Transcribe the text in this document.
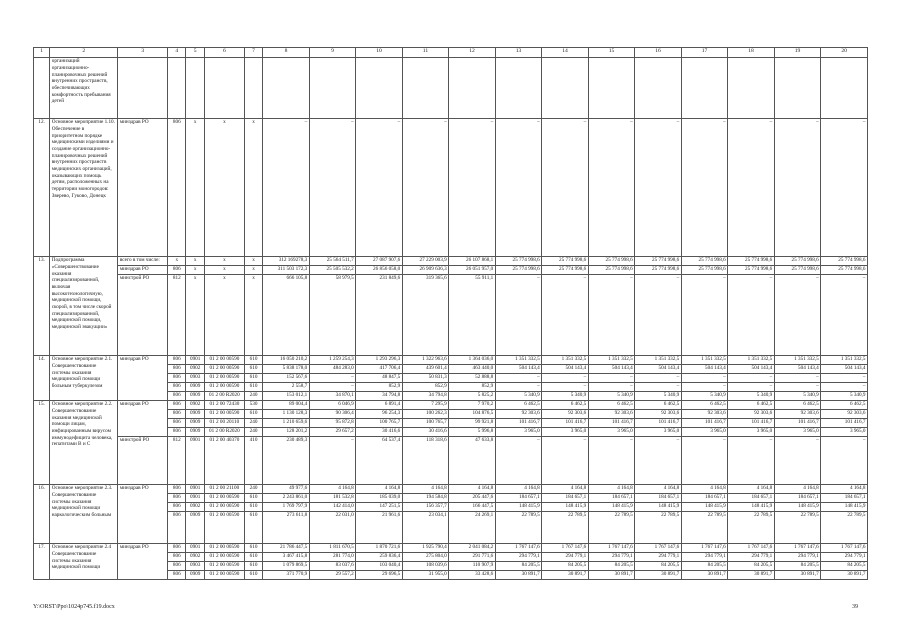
1	2	3	4	5	6	7	8	9	10	11	12	13	14	15	16	17	18	19	20
	организаций организационно-планировочных решений внутренних пространств, обеспечивающих комфортность пребывания детей																		
12.	Основное мероприятие 1.10. Обеспечение в приоритетном порядке медицинскими изделиями и создание организационно-планировочных решений внутренних пространств медицинских организаций, оказывающих помощь детям, расположенных на территории моногородов: Зверево, Гуково, Донецк	минздрав РО	806	х	х	х	–	–	–	–	–	–	–	–	–	–	–	–	–
13.	Подпрограмма «Совершенствование оказания специализированной, включая высокотехнологичную, медицинской помощи, скорой, в том числе скорой специализированной, медицинской помощи, медицинской эвакуации»	всего в том числе:	х	х	х	х	312 169278,3	25 564 511,7	27 087 907,6	27 229 003,9	26 107 868,1	25 774 998,6	25 774 998,6	25 774 998,6	25 774 998,6	25 774 998,6	25 774 998,6	25 774 998,6	25 774 998,6
		минздрав РО	806	х	х	х	311 503 172,3	25 505 532,2	26 856 058,0	26 909 636,3	26 051 957,0	25 774 998,6	25 774 998,6	25 774 998,6	25 774 998,6	25 774 998,6	25 774 998,6	25 774 998,6	25 774 998,6
		минстрой РО	812	х	х	х	666 105,8	58 979,5	231 849,6	319 365,6	55 911,1	–	–	–	–	–	–	–	–
14.	Основное мероприятие 2.1. Совершенствование системы оказания медицинской помощи больным туберкулезом	минздрав РО	806	0901	01 2 00 00590	610	16 050 210,2	1 259 254,3	1 293 296,3	1 322 963,6	1 364 036,0	1 351 332,5	1 351 332,5	1 351 332,5	1 351 332,5	1 351 332,5	1 351 332,5	1 351 332,5	1 351 332,5
			806	0902	01 2 00 00590	610	5 838 178,0	484 283,0	417 706,4	439 601,4	463 440,0	504 143,4	504 143,4	504 143,4	504 143,4	504 143,4	504 143,4	504 143,4	504 143,4
			806	0903	01 2 00 00590	610	152 567,6	–	48 847,5	50 831,3	52 888,8	–	–	–	–	–	–	–	–
			806	0909	01 2 00 00590	610	2 558,7	–	852,9	852,9	852,9	–	–	–	–	–	–	–	–
			806	0909	01 2 00 R2020	240	153 012,1	34 870,1	34 794,8	34 794,8	5 825,2	5 340,9	5 340,9	5 340,9	5 340,9	5 340,9	5 340,9	5 340,9	5 340,9
15.	Основное мероприятие 2.2. Совершенствование оказания медицинской помощи лицам, инфицированным вирусом иммунодефицита человека, гепатитами В и С	минздрав РО	806	0902	01 2 00 72430	530	89 004,4	6 046,9	6 891,4	7 295,9	7 970,2	6 462,5	6 462,5	6 462,5	6 462,5	6 462,5	6 462,5	6 462,5	6 462,5
			806	0909	01 2 00 00590	610	1 130 128,3	90 306,4	96 254,3	100 262,3	104 876,5	92 303,6	92 303,6	92 303,6	92 303,6	92 303,6	92 303,6	92 303,6	92 303,6
			806	0909	01 2 00 20110	240	1 210 659,6	95 872,8	100 765,7	100 765,7	99 921,8	101 416,7	101 416,7	101 416,7	101 416,7	101 416,7	101 416,7	101 416,7	101 416,7
			806	0909	01 2 00 R2020	240	128 201,2	29 657,2	30 416,6	30 416,6	5 996,8	3 965,0	3 965,0	3 965,0	3 965,0	3 965,0	3 965,0	3 965,0	3 965,0
		минстрой РО	812	0901	01 2 00 40370	410	230 489,3	–	64 537,4	118 318,6	47 633,8	–	–	–	–	–	–	–	–
16.	Основное мероприятие 2.3. Совершенствование системы оказания медицинской помощи наркологическим больным	минздрав РО	806	0901	01 2 00 21100	240	49 977,6	4 164,8	4 164,8	4 164,8	4 164,8	4 164,8	4 164,8	4 164,8	4 164,8	4 164,8	4 164,8	4 164,8	4 164,8
			806	0901	01 2 00 00590	610	2 243 861,0	181 532,8	185 039,0	194 584,8	205 447,6	184 657,1	184 657,1	184 657,1	184 657,1	184 657,1	184 657,1	184 657,1	184 657,1
			806	0902	01 2 00 00590	610	1 769 797,9	142 414,0	147 251,5	156 357,7	166 447,5	148 415,9	148 415,9	148 415,9	148 415,9	148 415,9	148 415,9	148 415,9	148 415,9
			806	0909	01 2 00 00590	610	273 611,8	22 031,0	21 961,6	23 034,1	24 269,1	22 789,5	22 789,5	22 789,5	22 789,5	22 789,5	22 789,5	22 789,5	22 789,5
17.	Основное мероприятие 2.4 Совершенствование системы оказания медицинской помощи	минздрав РО	806	0901	01 2 00 00590	610	21 786 447,5	1 811 670,5	1 870 721,6	1 925 790,4	2 041 084,2	1 767 147,6	1 767 147,6	1 767 147,6	1 767 147,6	1 767 147,6	1 767 147,6	1 767 147,6	1 767 147,6
			806	0902	01 2 00 00590	610	3 467 415,8	281 774,0	259 836,4	275 804,0	291 771,6	294 779,1	294 779,1	294 779,1	294 779,1	294 779,1	294 779,1	294 779,1	294 779,1
			806	0903	01 2 00 00590	610	1 079 869,5	83 037,6	103 040,4	108 039,6	110 907,9	84 205,5	84 205,5	84 205,5	84 205,5	84 205,5	84 205,5	84 205,5	84 205,5
			806	0909	01 2 00 00590	610	371 770,9	29 557,2	29 696,5	31 955,0	33 428,6	30 891,7	30 891,7	30 891,7	30 891,7	30 891,7	30 891,7	30 891,7	30 891,7
Y:\ORST\Ppo\1024p745.f19.docx	39
